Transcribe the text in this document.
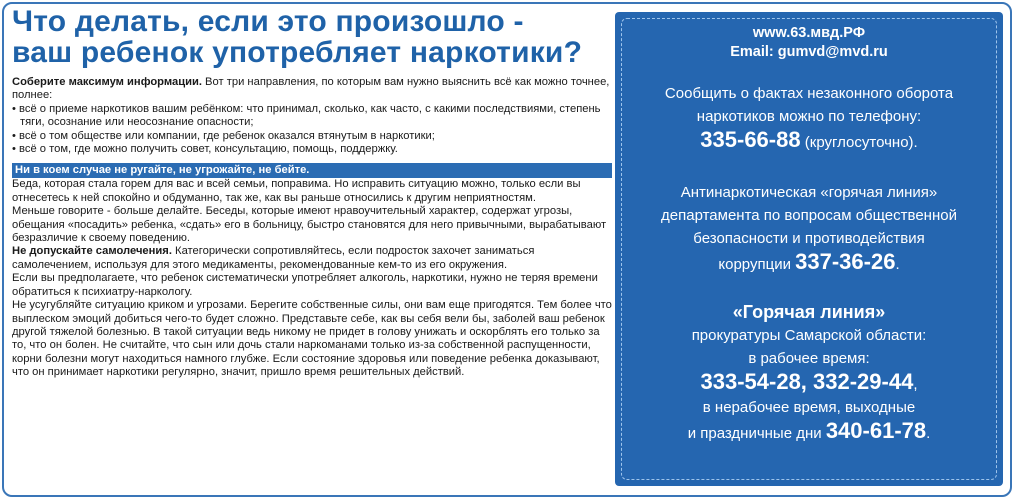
Что делать, если это произошло -
ваш ребенок употребляет наркотики?

Соберите максимум информации. Вот три направления, по которым вам нужно выяснить всё как можно точнее, полнее:

• всё о приеме наркотиков вашим ребёнком: что принимал, сколько, как часто, с какими последствиями, степень тяги, осознание или неосознание опасности;
• всё о том обществе или компании, где ребенок оказался втянутым в наркотики;
• всё о том, где можно получить совет, консультацию, помощь, поддержку.
Ни в коем случае не ругайте, не угрожайте, не бейте.

Беда, которая стала горем для вас и всей семьи, поправима. Но исправить ситуацию можно, только если вы отнесетесь к ней спокойно и обдуманно, так же, как вы раньше относились к другим неприятностям.

Меньше говорите - больше делайте. Беседы, которые имеют нравоучительный характер, содержат угрозы, обещания «посадить» ребенка, «сдать» его в больницу, быстро становятся для него привычными, вырабатывают безразличие к своему поведению.

Не допускайте самолечения. Категорически сопротивляйтесь, если подросток захочет заниматься самолечением, используя для этого медикаменты, рекомендованные кем-то из его окружения.

Если вы предполагаете, что ребенок систематически употребляет алкоголь, наркотики, нужно не теряя времени обратиться к психиатру-наркологу.

Не усугубляйте ситуацию криком и угрозами. Берегите собственные силы, они вам еще пригодятся. Тем более что выплеском эмоций добиться чего-то будет сложно. Представьте себе, как вы себя вели бы, заболей ваш ребенок другой тяжелой болезнью. В такой ситуации ведь никому не придет в голову унижать и оскорблять его только за то, что он болен. Не считайте, что сын или дочь стали наркоманами только из-за собственной распущенности, корни болезни могут находиться намного глубже. Если состояние здоровья или поведение ребенка доказывают, что он принимает наркотики регулярно, значит, пришло время решительных действий.

www.63.мвд.РФ
Email: gumvd@mvd.ru
Сообщить о фактах незаконного оборота
наркотиков можно по телефону:
335-66-88 (круглосуточно).
Антинаркотическая «горячая линия»
департамента по вопросам общественной
безопасности и противодействия
коррупции 337-36-26.
«Горячая линия»
прокуратуры Самарской области:
в рабочее время:
333-54-28, 332-29-44,
в нерабочее время, выходные
и праздничные дни 340-61-78.
